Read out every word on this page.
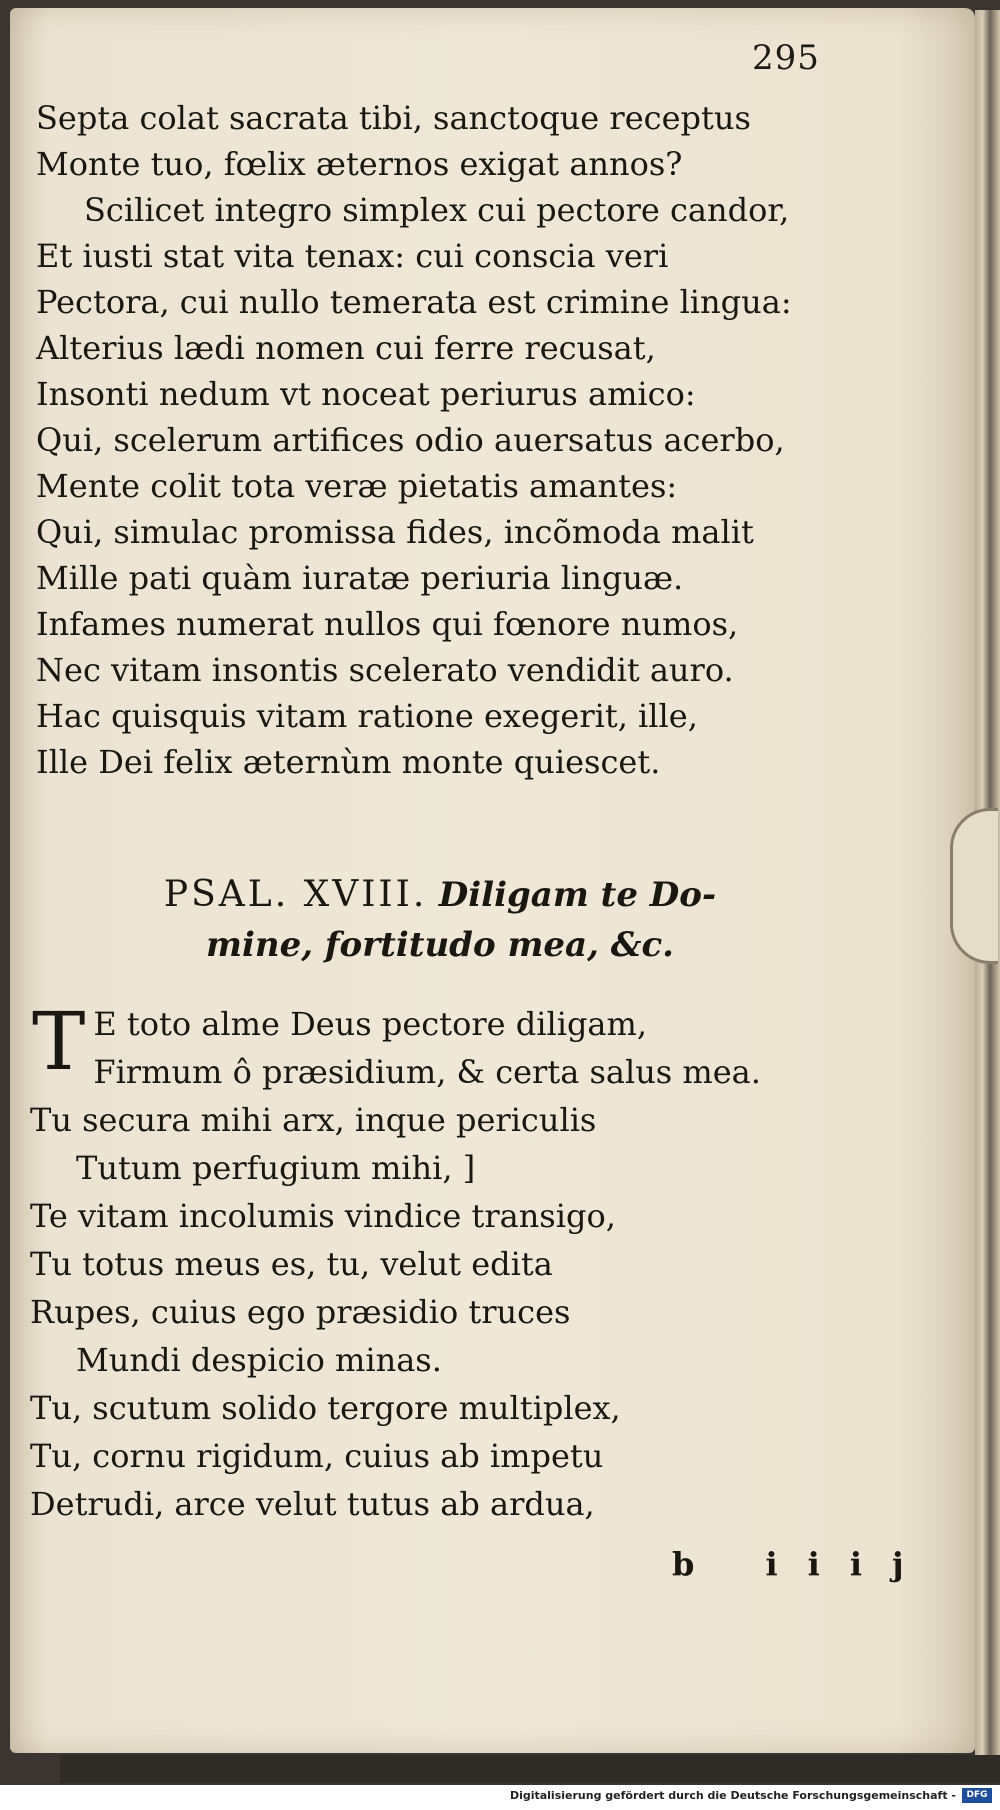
295
Septa colat sacrata tibi, sanctoque receptus
Monte tuo, fœlix æternos exigat annos?
Scilicet integro simplex cui pectore candor,
Et iusti stat vita tenax: cui conscia veri
Pectora, cui nullo temerata est crimine lingua:
Alterius lædi nomen cui ferre recusat,
Insonti nedum vt noceat periurus amico:
Qui, scelerum artifices odio auersatus acerbo,
Mente colit tota veræ pietatis amantes:
Qui, simulac promissa fides, incõmoda malit
Mille pati quàm iuratæ periuria linguæ.
Infames numerat nullos qui fœnore numos,
Nec vitam insontis scelerato vendidit auro.
Hac quisquis vitam ratione exegerit, ille,
Ille Dei felix æternùm monte quiescet.
PSAL. XVIII. Diligam te Do-
mine, fortitudo mea, &c.
T E toto alme Deus pectore diligam,
Firmum ô præsidium, & certa salus mea.
Tu secura mihi arx, inque periculis
Tutum perfugium mihi, ]
Te vitam incolumis vindice transigo,
Tu totus meus es, tu, velut edita
Rupes, cuius ego præsidio truces
Mundi despicio minas.
Tu, scutum solido tergore multiplex,
Tu, cornu rigidum, cuius ab impetu
Detrudi, arce velut tutus ab ardua,
b iiij
Digitalisierung gefördert durch die Deutsche Forschungsgemeinschaft -	DFG
